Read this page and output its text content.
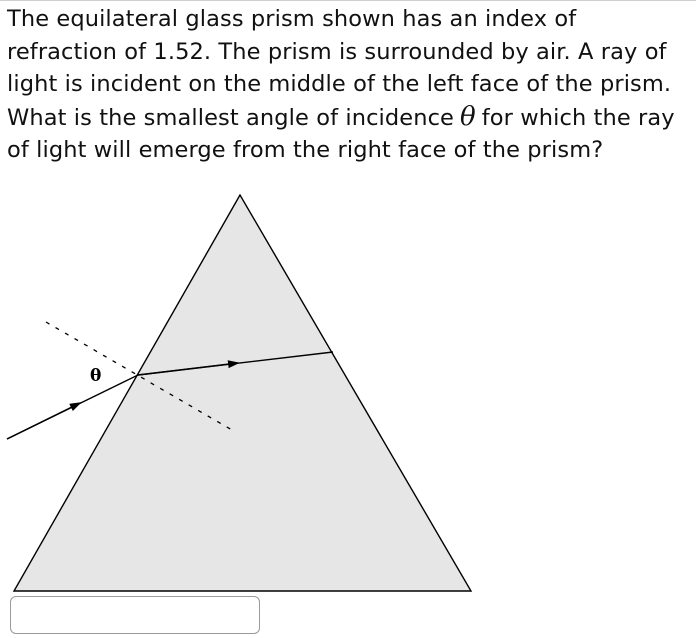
The equilateral glass prism shown has an index of refraction of 1.52. The prism is surrounded by air. A ray of light is incident on the middle of the left face of the prism. What is the smallest angle of incidence θ for which the ray of light will emerge from the right face of the prism?

θ
